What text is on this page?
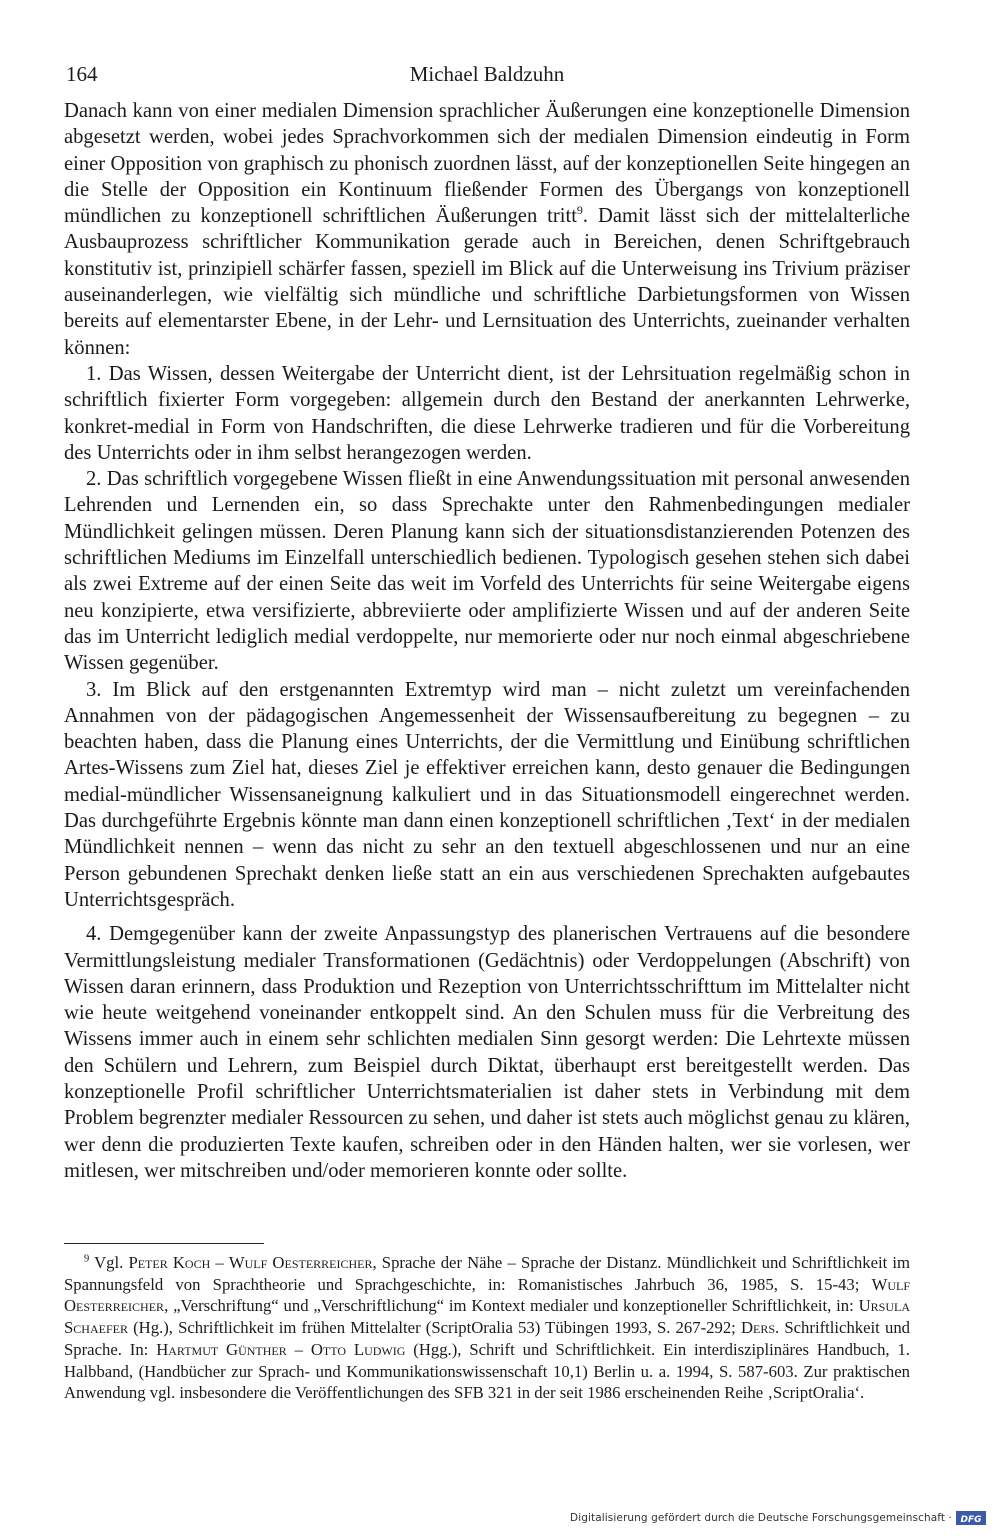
164	Michael Baldzuhn

Danach kann von einer medialen Dimension sprachlicher Äußerungen eine konzeptionelle Dimension abgesetzt werden, wobei jedes Sprachvorkommen sich der medialen Dimension eindeutig in Form einer Opposition von graphisch zu phonisch zuordnen lässt, auf der konzeptionellen Seite hingegen an die Stelle der Opposition ein Kontinuum fließender Formen des Übergangs von konzeptionell mündlichen zu konzeptionell schriftlichen Äußerungen tritt$^9$. Damit lässt sich der mittelalterliche Ausbauprozess schriftlicher Kommunikation gerade auch in Bereichen, denen Schriftgebrauch konstitutiv ist, prinzipiell schärfer fassen, speziell im Blick auf die Unterweisung ins Trivium präziser auseinanderlegen, wie vielfältig sich mündliche und schriftliche Darbietungsformen von Wissen bereits auf elementarster Ebene, in der Lehr- und Lernsituation des Unterrichts, zueinander verhalten können:

1. Das Wissen, dessen Weitergabe der Unterricht dient, ist der Lehrsituation regelmäßig schon in schriftlich fixierter Form vorgegeben: allgemein durch den Bestand der anerkannten Lehrwerke, konkret-medial in Form von Handschriften, die diese Lehrwerke tradieren und für die Vorbereitung des Unterrichts oder in ihm selbst herangezogen werden.

2. Das schriftlich vorgegebene Wissen fließt in eine Anwendungssituation mit personal anwesenden Lehrenden und Lernenden ein, so dass Sprechakte unter den Rahmenbedingungen medialer Mündlichkeit gelingen müssen. Deren Planung kann sich der situationsdistanzierenden Potenzen des schriftlichen Mediums im Einzelfall unterschiedlich bedienen. Typologisch gesehen stehen sich dabei als zwei Extreme auf der einen Seite das weit im Vorfeld des Unterrichts für seine Weitergabe eigens neu konzipierte, etwa versifizierte, abbreviierte oder amplifizierte Wissen und auf der anderen Seite das im Unterricht lediglich medial verdoppelte, nur memorierte oder nur noch einmal abgeschriebene Wissen gegenüber.

3. Im Blick auf den erstgenannten Extremtyp wird man – nicht zuletzt um vereinfachenden Annahmen von der pädagogischen Angemessenheit der Wissensaufbereitung zu begegnen – zu beachten haben, dass die Planung eines Unterrichts, der die Vermittlung und Einübung schriftlichen Artes-Wissens zum Ziel hat, dieses Ziel je effektiver erreichen kann, desto genauer die Bedingungen medial-mündlicher Wissensaneignung kalkuliert und in das Situationsmodell eingerechnet werden. Das durchgeführte Ergebnis könnte man dann einen konzeptionell schriftlichen ‚Text‘ in der medialen Mündlichkeit nennen – wenn das nicht zu sehr an den textuell abgeschlossenen und nur an eine Person gebundenen Sprechakt denken ließe statt an ein aus verschiedenen Sprechakten aufgebautes Unterrichtsgespräch.

4. Demgegenüber kann der zweite Anpassungstyp des planerischen Vertrauens auf die besondere Vermittlungsleistung medialer Transformationen (Gedächtnis) oder Verdoppelungen (Abschrift) von Wissen daran erinnern, dass Produktion und Rezeption von Unterrichtsschrifttum im Mittelalter nicht wie heute weitgehend voneinander entkoppelt sind. An den Schulen muss für die Verbreitung des Wissens immer auch in einem sehr schlichten medialen Sinn gesorgt werden: Die Lehrtexte müssen den Schülern und Lehrern, zum Beispiel durch Diktat, überhaupt erst bereitgestellt werden. Das konzeptionelle Profil schriftlicher Unterrichtsmaterialien ist daher stets in Verbindung mit dem Problem begrenzter medialer Ressourcen zu sehen, und daher ist stets auch möglichst genau zu klären, wer denn die produzierten Texte kaufen, schreiben oder in den Händen halten, wer sie vorlesen, wer mitlesen, wer mitschreiben und/oder memorieren konnte oder sollte.

$^9$ Vgl. Peter Koch – Wulf Oesterreicher, Sprache der Nähe – Sprache der Distanz. Mündlichkeit und Schriftlichkeit im Spannungsfeld von Sprachtheorie und Sprachgeschichte, in: Romanistisches Jahrbuch 36, 1985, S. 15-43; Wulf Oesterreicher, „Verschriftung“ und „Verschriftlichung“ im Kontext medialer und konzeptioneller Schriftlichkeit, in: Ursula Schaefer (Hg.), Schriftlichkeit im frühen Mittelalter (ScriptOralia 53) Tübingen 1993, S. 267-292; Ders. Schriftlichkeit und Sprache. In: Hartmut Günther – Otto Ludwig (Hgg.), Schrift und Schriftlichkeit. Ein interdisziplinäres Handbuch, 1. Halbband, (Handbücher zur Sprach- und Kommunikationswissenschaft 10,1) Berlin u. a. 1994, S. 587-603. Zur praktischen Anwendung vgl. insbesondere die Veröffentlichungen des SFB 321 in der seit 1986 erscheinenden Reihe ‚ScriptOralia‘.

Digitalisierung gefördert durch die Deutsche Forschungsgemeinschaft · DFG
